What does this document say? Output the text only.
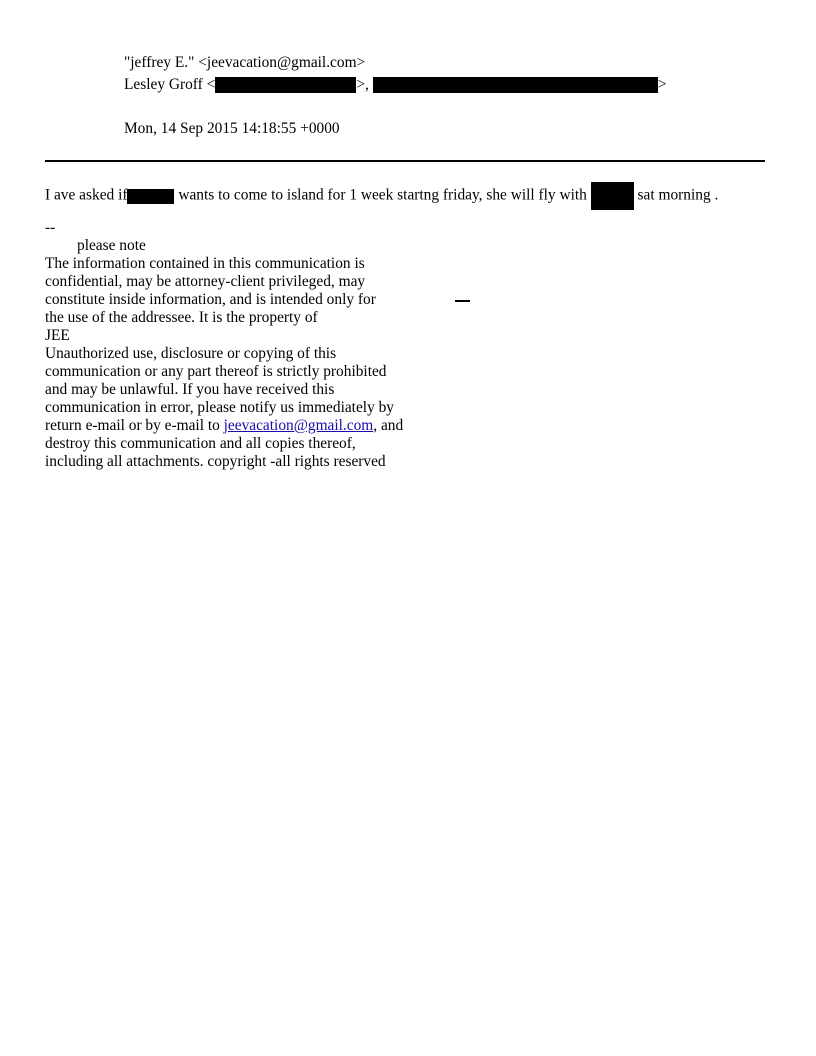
"jeffrey E." <jeevacation@gmail.com>
Lesley Groff <	>,	>
Mon, 14 Sep 2015 14:18:55 +0000
I ave asked if	wants to come to island for 1 week startng friday, she will fly with	sat morning .
--
please note
The information contained in this communication is
confidential, may be attorney-client privileged, may
constitute inside information, and is intended only for
the use of the addressee. It is the property of
JEE
Unauthorized use, disclosure or copying of this
communication or any part thereof is strictly prohibited
and may be unlawful. If you have received this
communication in error, please notify us immediately by
return e-mail or by e-mail to jeevacation@gmail.com, and
destroy this communication and all copies thereof,
including all attachments. copyright -all rights reserved
